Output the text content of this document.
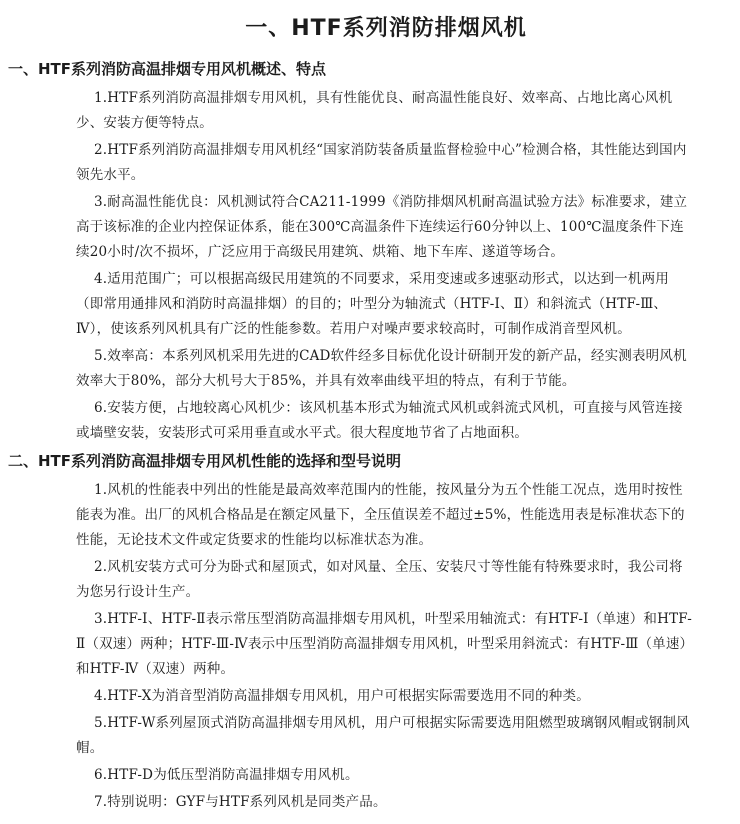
一、HTF系列消防排烟风机
一、HTF系列消防高温排烟专用风机概述、特点

1.HTF系列消防高温排烟专用风机，具有性能优良、耐高温性能良好、效率高、占地比离心风机少、安装方便等特点。

2.HTF系列消防高温排烟专用风机经“国家消防装备质量监督检验中心”检测合格，其性能达到国内领先水平。

3.耐高温性能优良：风机测试符合CA211-1999《消防排烟风机耐高温试验方法》标准要求，建立高于该标准的企业内控保证体系，能在300℃高温条件下连续运行60分钟以上、100℃温度条件下连续20小时/次不损坏，广泛应用于高级民用建筑、烘箱、地下车库、遂道等场合。

4.适用范围广；可以根据高级民用建筑的不同要求，采用变速或多速驱动形式，以达到一机两用（即常用通排风和消防时高温排烟）的目的；叶型分为轴流式（HTF-Ⅰ、Ⅱ）和斜流式（HTF-Ⅲ、Ⅳ），使该系列风机具有广泛的性能参数。若用户对噪声要求较高时，可制作成消音型风机。

5.效率高：本系列风机采用先进的CAD软件经多目标优化设计研制开发的新产品，经实测表明风机效率大于80%，部分大机号大于85%，并具有效率曲线平坦的特点，有利于节能。

6.安装方便，占地较离心风机少：该风机基本形式为轴流式风机或斜流式风机，可直接与风管连接或墙壁安装，安装形式可采用垂直或水平式。很大程度地节省了占地面积。

二、HTF系列消防高温排烟专用风机性能的选择和型号说明

1.风机的性能表中列出的性能是最高效率范围内的性能，按风量分为五个性能工况点，选用时按性能表为准。出厂的风机合格品是在额定风量下，全压值误差不超过±5%，性能选用表是标准状态下的性能，无论技术文件或定货要求的性能均以标准状态为准。

2.风机安装方式可分为卧式和屋顶式，如对风量、全压、安装尺寸等性能有特殊要求时，我公司将为您另行设计生产。

3.HTF-Ⅰ、HTF-Ⅱ表示常压型消防高温排烟专用风机，叶型采用轴流式：有HTF-Ⅰ（单速）和HTF-Ⅱ（双速）两种；HTF-Ⅲ-Ⅳ表示中压型消防高温排烟专用风机，叶型采用斜流式：有HTF-Ⅲ（单速）和HTF-Ⅳ（双速）两种。

4.HTF-X为消音型消防高温排烟专用风机，用户可根据实际需要选用不同的种类。

5.HTF-W系列屋顶式消防高温排烟专用风机，用户可根据实际需要选用阻燃型玻璃钢风帽或钢制风帽。

6.HTF-D为低压型消防高温排烟专用风机。

7.特别说明：GYF与HTF系列风机是同类产品。
